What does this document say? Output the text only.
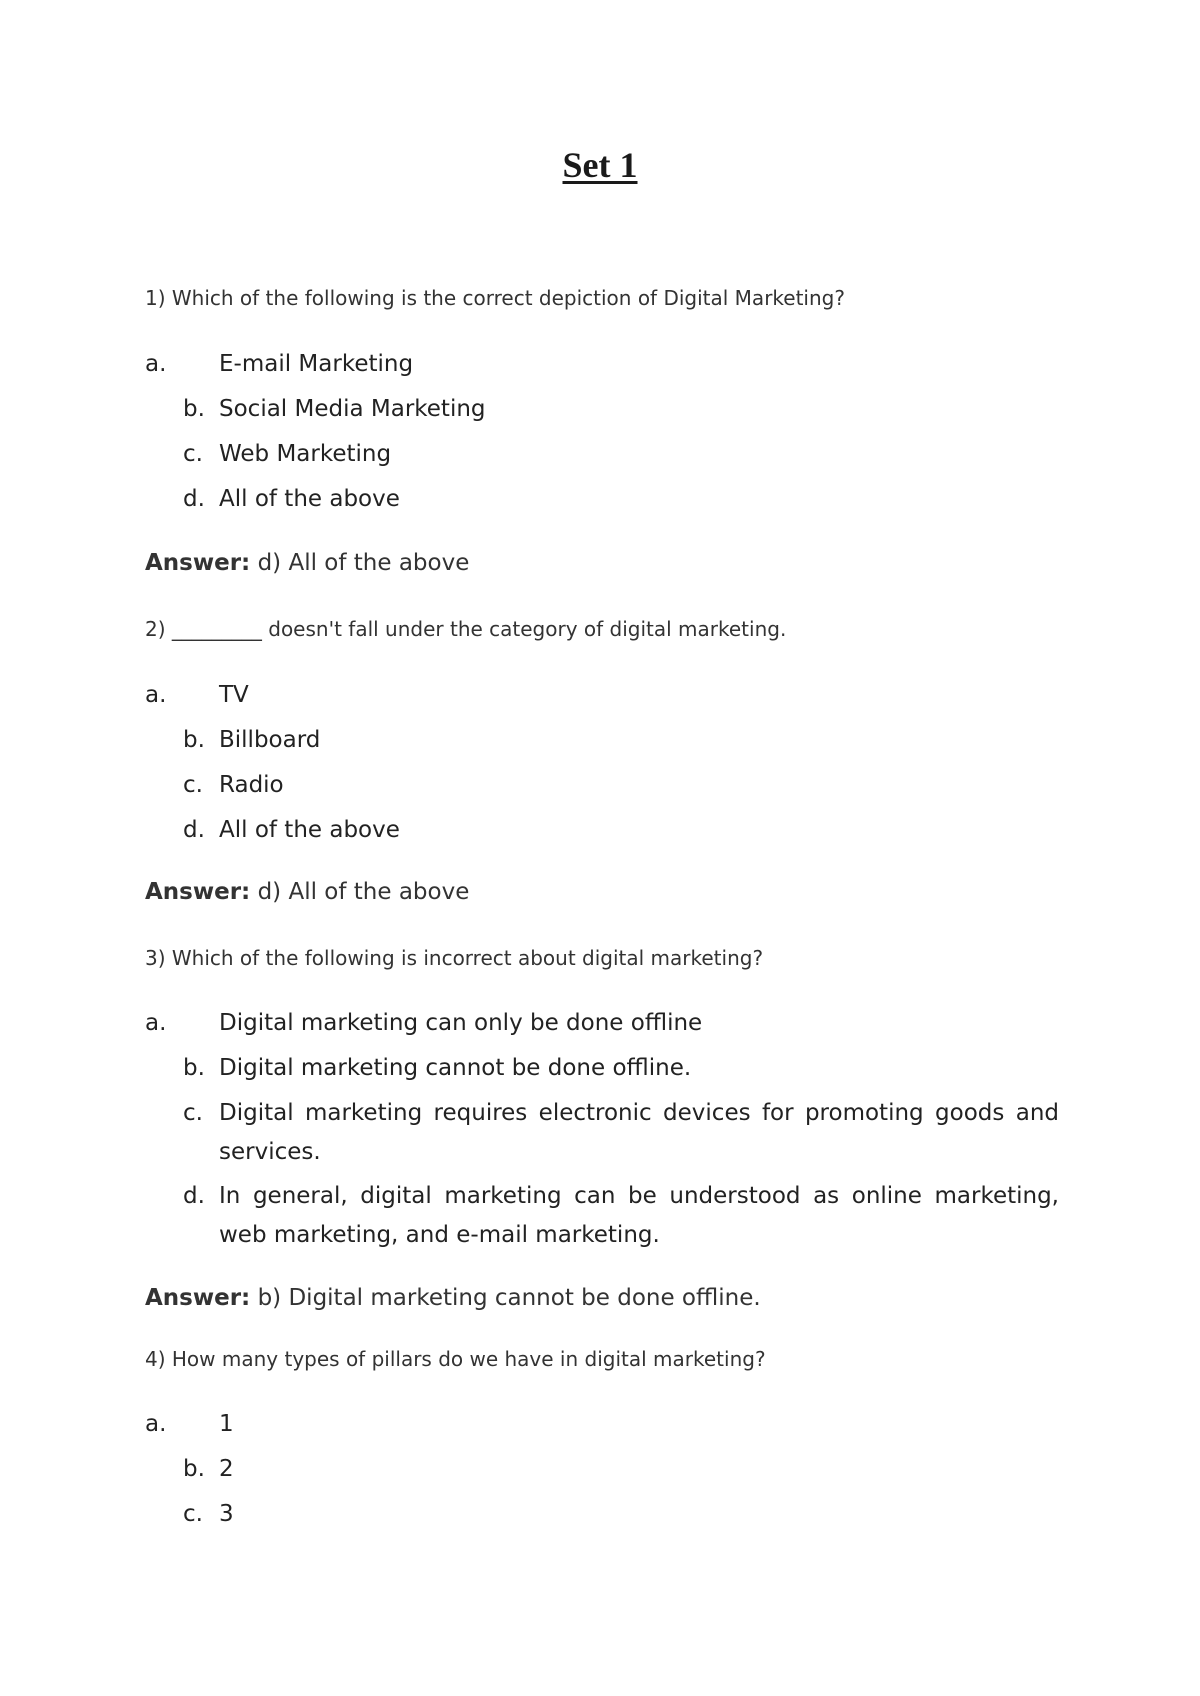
Set 1

1) Which of the following is the correct depiction of Digital Marketing?

a. E-mail Marketing
b. Social Media Marketing
c. Web Marketing
d. All of the above

Answer: d) All of the above

2) _________ doesn't fall under the category of digital marketing.

a. TV
b. Billboard
c. Radio
d. All of the above

Answer: d) All of the above

3) Which of the following is incorrect about digital marketing?

a. Digital marketing can only be done offline
b. Digital marketing cannot be done offline.
c. Digital marketing requires electronic devices for promoting goods and services.
d. In general, digital marketing can be understood as online marketing, web marketing, and e-mail marketing.

Answer: b) Digital marketing cannot be done offline.

4) How many types of pillars do we have in digital marketing?

a. 1
b. 2
c. 3
